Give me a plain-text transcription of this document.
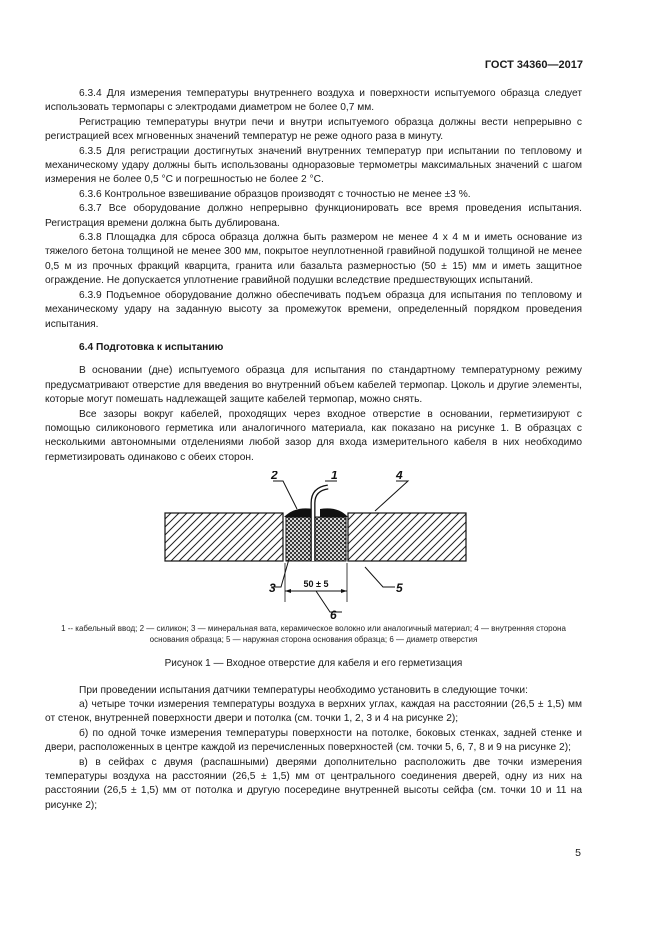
ГОСТ 34360—2017

6.3.4 Для измерения температуры внутреннего воздуха и поверхности испытуемого образца следует использовать термопары с электродами диаметром не более 0,7 мм.

Регистрацию температуры внутри печи и внутри испытуемого образца должны вести непрерывно с регистрацией всех мгновенных значений температур не реже одного раза в минуту.

6.3.5 Для регистрации достигнутых значений внутренних температур при испытании по тепловому и механическому удару должны быть использованы одноразовые термометры максимальных значений с шагом измерения не более 0,5 °C и погрешностью не более 2 °C.

6.3.6 Контрольное взвешивание образцов производят с точностью не менее ±3 %.

6.3.7 Все оборудование должно непрерывно функционировать все время проведения испытания. Регистрация времени должна быть дублирована.

6.3.8 Площадка для сброса образца должна быть размером не менее 4 х 4 м и иметь основание из тяжелого бетона толщиной не менее 300 мм, покрытое неуплотненной гравийной подушкой толщиной не менее 0,5 м из прочных фракций кварцита, гранита или базальта размерностью (50 ± 15) мм и иметь защитное ограждение. Не допускается уплотнение гравийной подушки вследствие предшествующих испытаний.

6.3.9 Подъемное оборудование должно обеспечивать подъем образца для испытания по тепловому и механическому удару на заданную высоту за промежуток времени, определенный порядком проведения испытания.

6.4 Подготовка к испытанию

В основании (дне) испытуемого образца для испытания по стандартному температурному режиму предусматривают отверстие для введения во внутренний объем кабелей термопар. Цоколь и другие элементы, которые могут помешать надлежащей защите кабелей термопар, можно снять.

Все зазоры вокруг кабелей, проходящих через входное отверстие в основании, герметизируют с помощью силиконового герметика или аналогичного материала, как показано на рисунке 1. В образцах с несколькими автономными отделениями любой зазор для входа измерительного кабеля в них необходимо герметизировать одинаково с обеих сторон.

2	1	4
3	5
6
50 ± 5
1 -- кабельный ввод; 2 — силикон; 3 — минеральная вата, керамическое волокно или аналогичный материал; 4 — внутренняя сторона основания образца; 5 — наружная сторона основания образца; 6 — диаметр отверстия
Рисунок 1 — Входное отверстие для кабеля и его герметизация

При проведении испытания датчики температуры необходимо установить в следующие точки:

а) четыре точки измерения температуры воздуха в верхних углах, каждая на расстоянии (26,5 ± 1,5) мм от стенок, внутренней поверхности двери и потолка (см. точки 1, 2, 3 и 4 на рисунке 2);

б) по одной точке измерения температуры поверхности на потолке, боковых стенках, задней стенке и двери, расположенных в центре каждой из перечисленных поверхностей (см. точки 5, 6, 7, 8 и 9 на рисунке 2);

в) в сейфах с двумя (распашными) дверями дополнительно расположить две точки измерения температуры воздуха на расстоянии (26,5 ± 1,5) мм от центрального соединения дверей, одну из них на расстоянии (26,5 ± 1,5) мм от потолка и другую посередине внутренней высоты сейфа (см. точки 10 и 11 на рисунке 2);

5
